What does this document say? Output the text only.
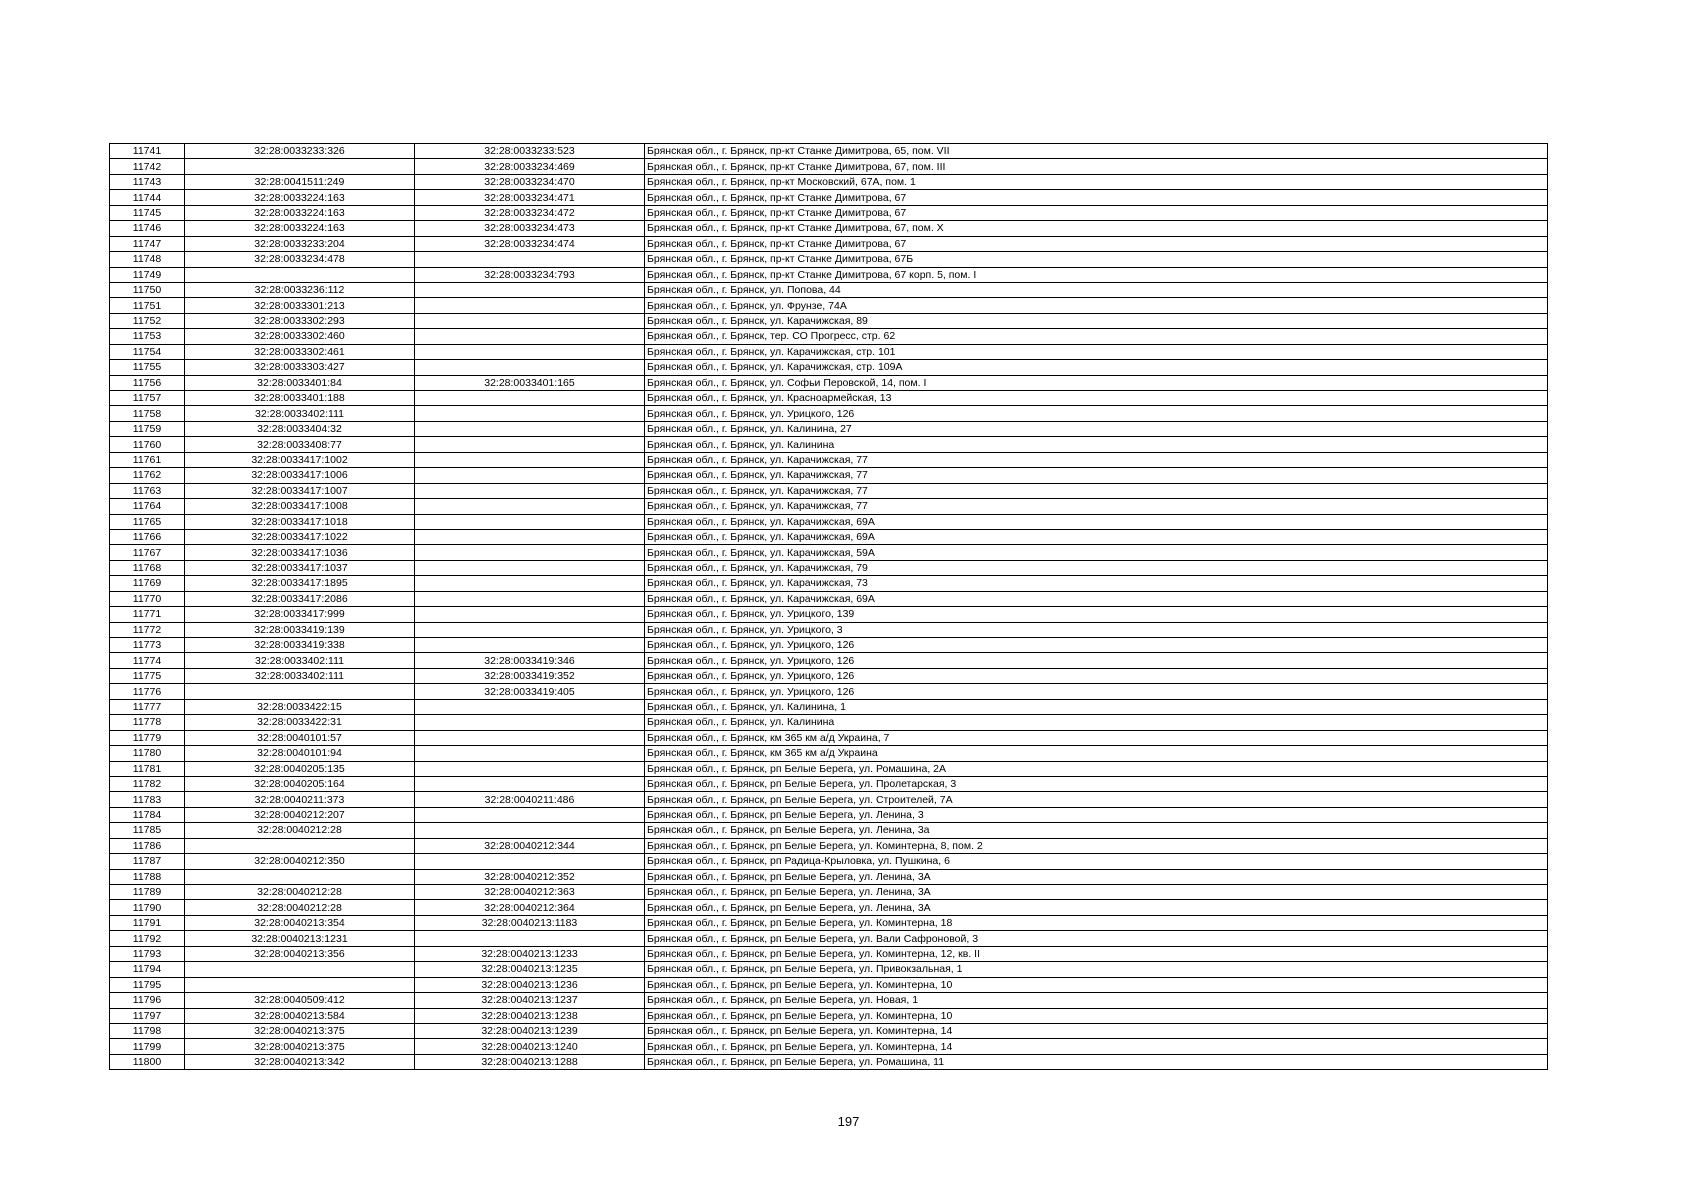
11741	32:28:0033233:326	32:28:0033233:523	Брянская обл., г. Брянск, пр-кт Станке Димитрова, 65, пом. VII
11742		32:28:0033234:469	Брянская обл., г. Брянск, пр-кт Станке Димитрова, 67, пом. III
11743	32:28:0041511:249	32:28:0033234:470	Брянская обл., г. Брянск, пр-кт Московский, 67А, пом. 1
11744	32:28:0033224:163	32:28:0033234:471	Брянская обл., г. Брянск, пр-кт Станке Димитрова, 67
11745	32:28:0033224:163	32:28:0033234:472	Брянская обл., г. Брянск, пр-кт Станке Димитрова, 67
11746	32:28:0033224:163	32:28:0033234:473	Брянская обл., г. Брянск, пр-кт Станке Димитрова, 67, пом. X
11747	32:28:0033233:204	32:28:0033234:474	Брянская обл., г. Брянск, пр-кт Станке Димитрова, 67
11748	32:28:0033234:478		Брянская обл., г. Брянск, пр-кт Станке Димитрова, 67Б
11749		32:28:0033234:793	Брянская обл., г. Брянск, пр-кт Станке Димитрова, 67 корп. 5, пом. I
11750	32:28:0033236:112		Брянская обл., г. Брянск, ул. Попова, 44
11751	32:28:0033301:213		Брянская обл., г. Брянск, ул. Фрунзе, 74А
11752	32:28:0033302:293		Брянская обл., г. Брянск, ул. Карачижская, 89
11753	32:28:0033302:460		Брянская обл., г. Брянск, тер. СО Прогресс, стр. 62
11754	32:28:0033302:461		Брянская обл., г. Брянск, ул. Карачижская, стр. 101
11755	32:28:0033303:427		Брянская обл., г. Брянск, ул. Карачижская, стр. 109А
11756	32:28:0033401:84	32:28:0033401:165	Брянская обл., г. Брянск, ул. Софьи Перовской, 14, пом. I
11757	32:28:0033401:188		Брянская обл., г. Брянск, ул. Красноармейская, 13
11758	32:28:0033402:111		Брянская обл., г. Брянск, ул. Урицкого, 126
11759	32:28:0033404:32		Брянская обл., г. Брянск, ул. Калинина, 27
11760	32:28:0033408:77		Брянская обл., г. Брянск, ул. Калинина
11761	32:28:0033417:1002		Брянская обл., г. Брянск, ул. Карачижская, 77
11762	32:28:0033417:1006		Брянская обл., г. Брянск, ул. Карачижская, 77
11763	32:28:0033417:1007		Брянская обл., г. Брянск, ул. Карачижская, 77
11764	32:28:0033417:1008		Брянская обл., г. Брянск, ул. Карачижская, 77
11765	32:28:0033417:1018		Брянская обл., г. Брянск, ул. Карачижская, 69А
11766	32:28:0033417:1022		Брянская обл., г. Брянск, ул. Карачижская, 69А
11767	32:28:0033417:1036		Брянская обл., г. Брянск, ул. Карачижская, 59А
11768	32:28:0033417:1037		Брянская обл., г. Брянск, ул. Карачижская, 79
11769	32:28:0033417:1895		Брянская обл., г. Брянск, ул. Карачижская, 73
11770	32:28:0033417:2086		Брянская обл., г. Брянск, ул. Карачижская, 69А
11771	32:28:0033417:999		Брянская обл., г. Брянск, ул. Урицкого, 139
11772	32:28:0033419:139		Брянская обл., г. Брянск, ул. Урицкого, 3
11773	32:28:0033419:338		Брянская обл., г. Брянск, ул. Урицкого, 126
11774	32:28:0033402:111	32:28:0033419:346	Брянская обл., г. Брянск, ул. Урицкого, 126
11775	32:28:0033402:111	32:28:0033419:352	Брянская обл., г. Брянск, ул. Урицкого, 126
11776		32:28:0033419:405	Брянская обл., г. Брянск, ул. Урицкого, 126
11777	32:28:0033422:15		Брянская обл., г. Брянск, ул. Калинина, 1
11778	32:28:0033422:31		Брянская обл., г. Брянск, ул. Калинина
11779	32:28:0040101:57		Брянская обл., г. Брянск, км 365 км а/д Украина, 7
11780	32:28:0040101:94		Брянская обл., г. Брянск, км 365 км а/д Украина
11781	32:28:0040205:135		Брянская обл., г. Брянск, рп Белые Берега, ул. Ромашина, 2А
11782	32:28:0040205:164		Брянская обл., г. Брянск, рп Белые Берега, ул. Пролетарская, 3
11783	32:28:0040211:373	32:28:0040211:486	Брянская обл., г. Брянск, рп Белые Берега, ул. Строителей, 7А
11784	32:28:0040212:207		Брянская обл., г. Брянск, рп Белые Берега, ул. Ленина, 3
11785	32:28:0040212:28		Брянская обл., г. Брянск, рп Белые Берега, ул. Ленина, 3а
11786		32:28:0040212:344	Брянская обл., г. Брянск, рп Белые Берега, ул. Коминтерна, 8, пом. 2
11787	32:28:0040212:350		Брянская обл., г. Брянск, рп Радица-Крыловка, ул. Пушкина, 6
11788		32:28:0040212:352	Брянская обл., г. Брянск, рп Белые Берега, ул. Ленина, 3А
11789	32:28:0040212:28	32:28:0040212:363	Брянская обл., г. Брянск, рп Белые Берега, ул. Ленина, 3А
11790	32:28:0040212:28	32:28:0040212:364	Брянская обл., г. Брянск, рп Белые Берега, ул. Ленина, 3А
11791	32:28:0040213:354	32:28:0040213:1183	Брянская обл., г. Брянск, рп Белые Берега, ул. Коминтерна, 18
11792	32:28:0040213:1231		Брянская обл., г. Брянск, рп Белые Берега, ул. Вали Сафроновой, 3
11793	32:28:0040213:356	32:28:0040213:1233	Брянская обл., г. Брянск, рп Белые Берега, ул. Коминтерна, 12, кв. II
11794		32:28:0040213:1235	Брянская обл., г. Брянск, рп Белые Берега, ул. Привокзальная, 1
11795		32:28:0040213:1236	Брянская обл., г. Брянск, рп Белые Берега, ул. Коминтерна, 10
11796	32:28:0040509:412	32:28:0040213:1237	Брянская обл., г. Брянск, рп Белые Берега, ул. Новая, 1
11797	32:28:0040213:584	32:28:0040213:1238	Брянская обл., г. Брянск, рп Белые Берега, ул. Коминтерна, 10
11798	32:28:0040213:375	32:28:0040213:1239	Брянская обл., г. Брянск, рп Белые Берега, ул. Коминтерна, 14
11799	32:28:0040213:375	32:28:0040213:1240	Брянская обл., г. Брянск, рп Белые Берега, ул. Коминтерна, 14
11800	32:28:0040213:342	32:28:0040213:1288	Брянская обл., г. Брянск, рп Белые Берега, ул. Ромашина, 11
197
